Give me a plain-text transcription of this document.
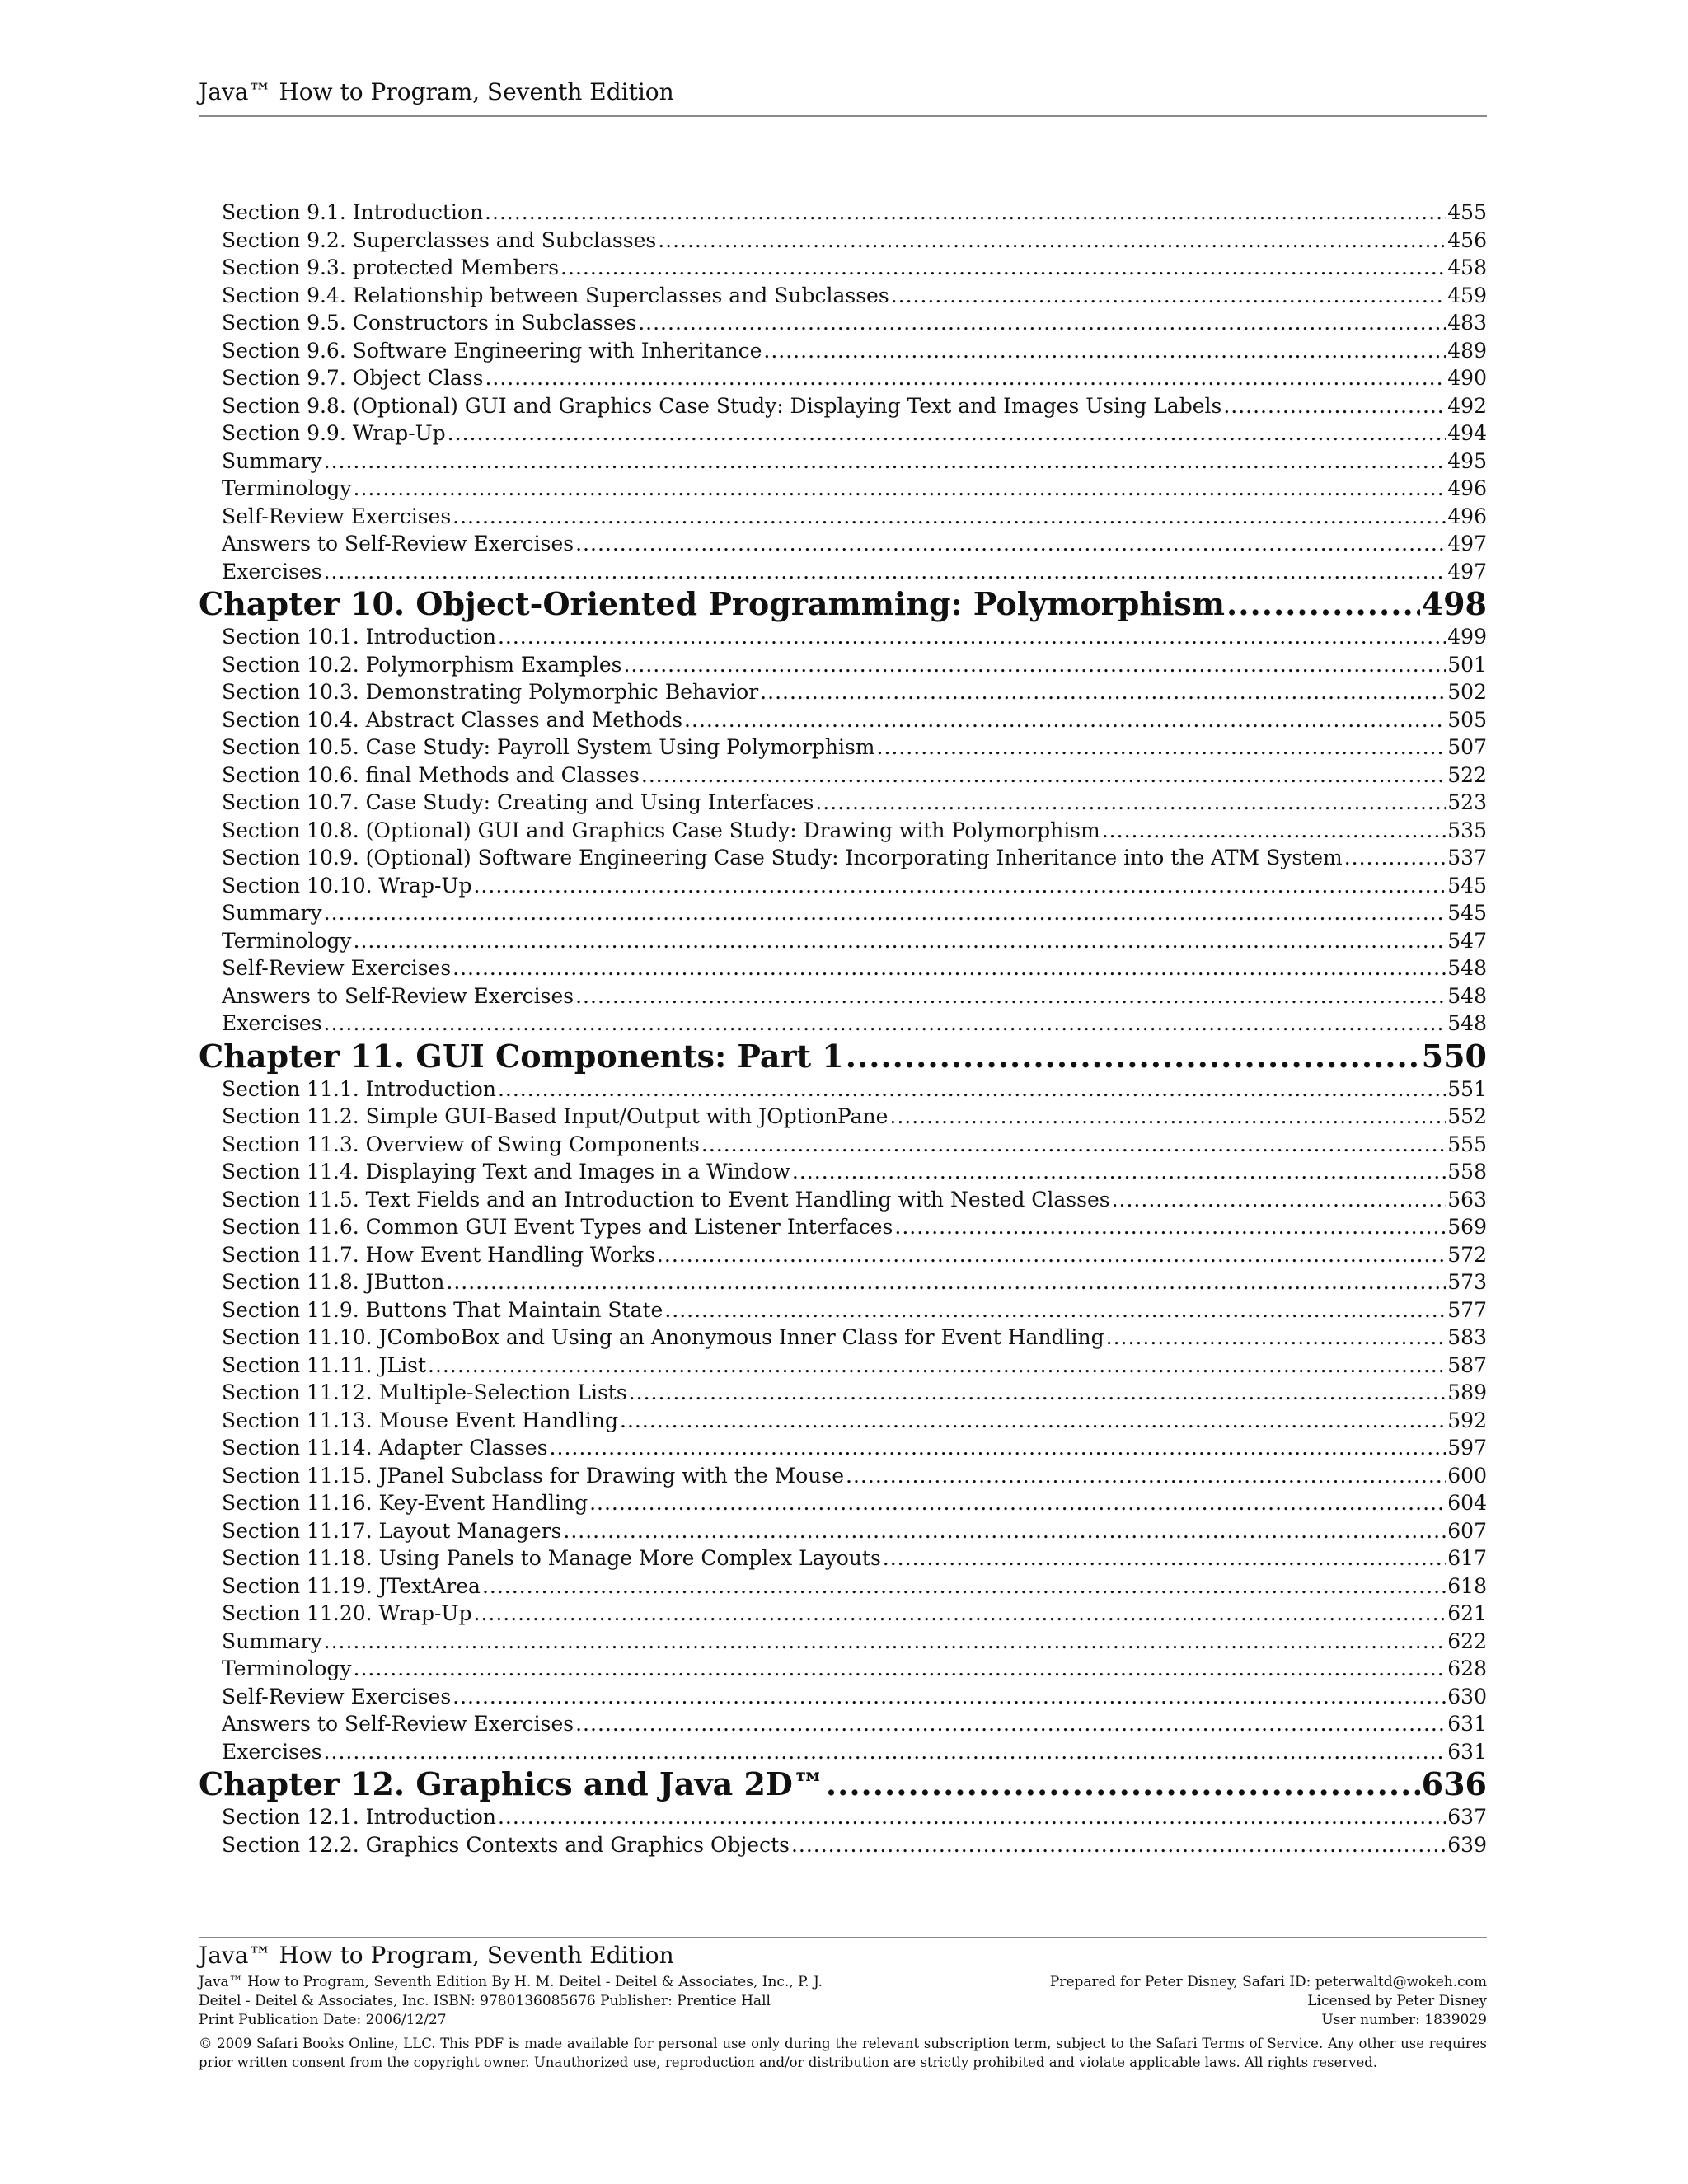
Java™ How to Program, Seventh Edition
Section 9.1. Introduction .....	455
Section 9.2. Superclasses and Subclasses .....	456
Section 9.3. protected Members .....	458
Section 9.4. Relationship between Superclasses and Subclasses .....	459
Section 9.5. Constructors in Subclasses .....	483
Section 9.6. Software Engineering with Inheritance .....	489
Section 9.7. Object Class .....	490
Section 9.8. (Optional) GUI and Graphics Case Study: Displaying Text and Images Using Labels .....	492
Section 9.9. Wrap-Up .....	494
Summary .....	495
Terminology .....	496
Self-Review Exercises .....	496
Answers to Self-Review Exercises .....	497
Exercises .....	497
Chapter 10. Object-Oriented Programming: Polymorphism .....	498
Section 10.1. Introduction .....	499
Section 10.2. Polymorphism Examples .....	501
Section 10.3. Demonstrating Polymorphic Behavior .....	502
Section 10.4. Abstract Classes and Methods .....	505
Section 10.5. Case Study: Payroll System Using Polymorphism .....	507
Section 10.6. final Methods and Classes .....	522
Section 10.7. Case Study: Creating and Using Interfaces .....	523
Section 10.8. (Optional) GUI and Graphics Case Study: Drawing with Polymorphism .....	535
Section 10.9. (Optional) Software Engineering Case Study: Incorporating Inheritance into the ATM System .....	537
Section 10.10. Wrap-Up .....	545
Summary .....	545
Terminology .....	547
Self-Review Exercises .....	548
Answers to Self-Review Exercises .....	548
Exercises .....	548
Chapter 11. GUI Components: Part 1 .....	550
Section 11.1. Introduction .....	551
Section 11.2. Simple GUI-Based Input/Output with JOptionPane .....	552
Section 11.3. Overview of Swing Components .....	555
Section 11.4. Displaying Text and Images in a Window .....	558
Section 11.5. Text Fields and an Introduction to Event Handling with Nested Classes .....	563
Section 11.6. Common GUI Event Types and Listener Interfaces .....	569
Section 11.7. How Event Handling Works .....	572
Section 11.8. JButton .....	573
Section 11.9. Buttons That Maintain State .....	577
Section 11.10. JComboBox and Using an Anonymous Inner Class for Event Handling .....	583
Section 11.11. JList .....	587
Section 11.12. Multiple-Selection Lists .....	589
Section 11.13. Mouse Event Handling .....	592
Section 11.14. Adapter Classes .....	597
Section 11.15. JPanel Subclass for Drawing with the Mouse .....	600
Section 11.16. Key-Event Handling .....	604
Section 11.17. Layout Managers .....	607
Section 11.18. Using Panels to Manage More Complex Layouts .....	617
Section 11.19. JTextArea .....	618
Section 11.20. Wrap-Up .....	621
Summary .....	622
Terminology .....	628
Self-Review Exercises .....	630
Answers to Self-Review Exercises .....	631
Exercises .....	631
Chapter 12. Graphics and Java 2D™ .....	636
Section 12.1. Introduction .....	637
Section 12.2. Graphics Contexts and Graphics Objects .....	639
Java™ How to Program, Seventh Edition
Java™ How to Program, Seventh Edition By H. M. Deitel - Deitel & Associates, Inc., P. J.
Deitel - Deitel & Associates, Inc. ISBN: 9780136085676 Publisher: Prentice Hall
Print Publication Date: 2006/12/27
Prepared for Peter Disney, Safari ID: peterwaltd@wokeh.com
Licensed by Peter Disney
User number: 1839029
© 2009 Safari Books Online, LLC. This PDF is made available for personal use only during the relevant subscription term, subject to the Safari Terms of Service. Any other use requires prior written consent from the copyright owner. Unauthorized use, reproduction and/or distribution are strictly prohibited and violate applicable laws. All rights reserved.
